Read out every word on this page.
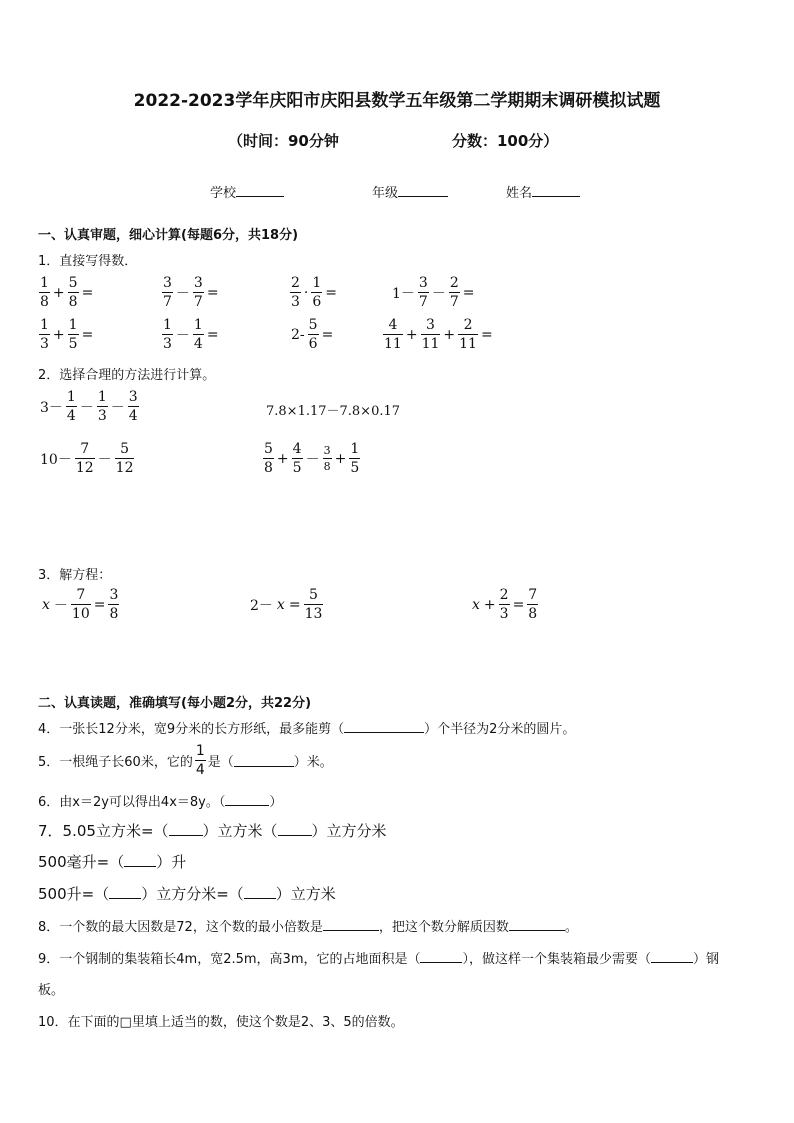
2022-2023学年庆阳市庆阳县数学五年级第二学期期末调研模拟试题
（时间：90分钟	分数：100分）
学校	年级	姓名
一、认真审题，细心计算(每题6分，共18分)
1．直接写得数．
$\frac{1}{8} + \frac{5}{8}$ =	$\frac{3}{7} - \frac{3}{7}$ =	$\frac{2}{3} \cdot \frac{1}{6}$ =	$1- \frac{3}{7} - \frac{2}{7}$ =
$\frac{1}{3} + \frac{1}{5}$ =	$\frac{1}{3} - \frac{1}{4}$ =	$2- \frac{5}{6}$ =	$\frac{4}{11} + \frac{3}{11} + \frac{2}{11}$ =
2．选择合理的方法进行计算。
$3- \frac{1}{4} - \frac{1}{3} - \frac{3}{4}$	7.8×1.17－7.8×0.17
$10- \frac{7}{12} - \frac{5}{12}$	$\frac{5}{8} + \frac{4}{5} - \frac{3}{8} + \frac{1}{5}$
3．解方程：
$x - \frac{7}{10} = \frac{3}{8}$	$2- x = \frac{5}{13}$	$x + \frac{2}{3} = \frac{7}{8}$
二、认真读题，准确填写(每小题2分，共22分)
4．一张长12分米，宽9分米的长方形纸，最多能剪（	）个半径为2分米的圆片。
5．一根绳子长60米，它的 $\frac{1}{4}$ 是（	）米。
6．由x＝2y可以得出4x＝8y。（	）
7．5.05立方米=（ ）立方米（ ）立方分米
500毫升=（ ）升
500升=（ ）立方分米=（ ）立方米
8．一个数的最大因数是72，这个数的最小倍数是	，把这个数分解质因数	。
9．一个钢制的集装箱长4m，宽2.5m，高3m，它的占地面积是（	），做这样一个集装箱最少需要（	）钢
板。
10．在下面的□里填上适当的数，使这个数是2、3、5的倍数。
